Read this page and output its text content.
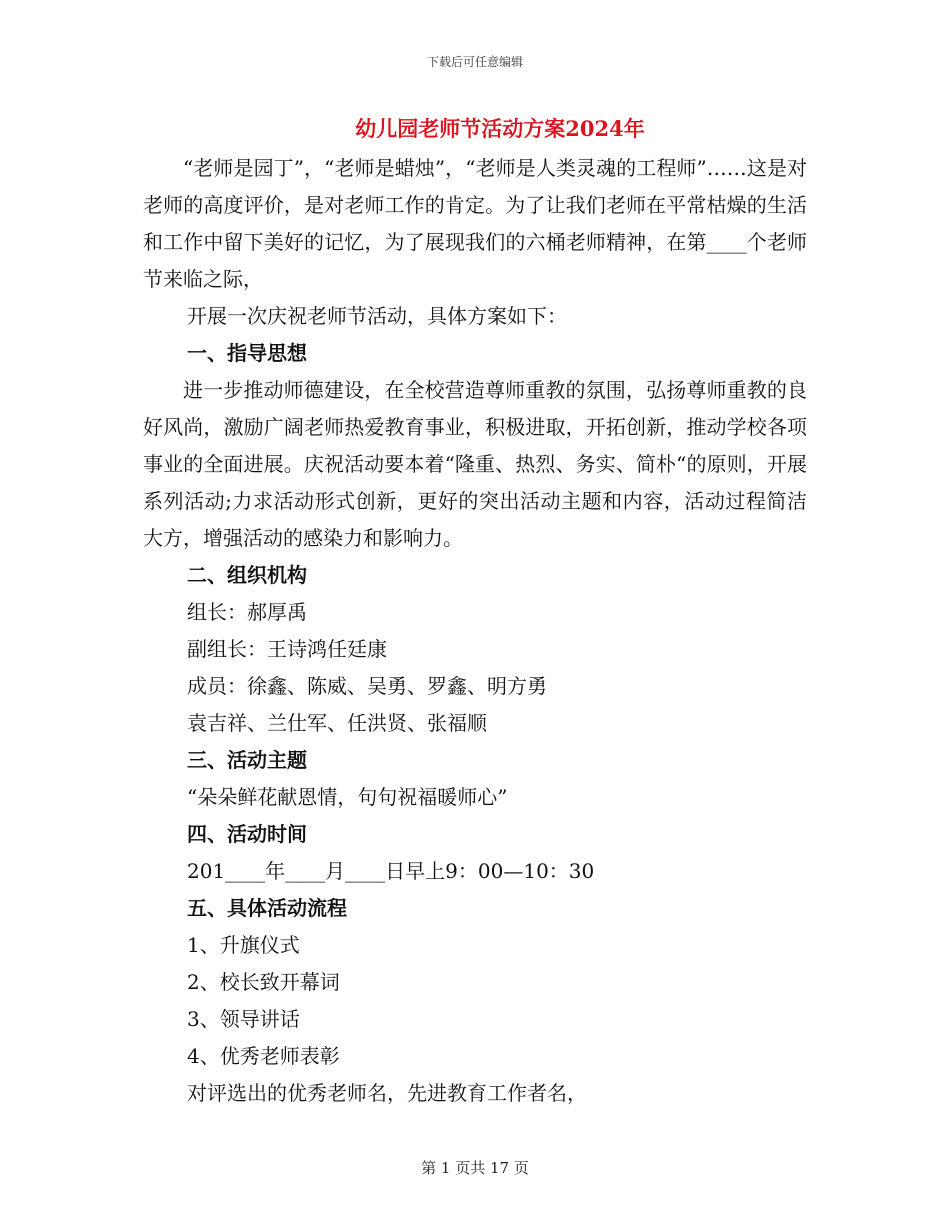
下载后可任意编辑
幼儿园老师节活动方案2024年

“老师是园丁”，“老师是蜡烛”，“老师是人类灵魂的工程师”……这是对老师的高度评价，是对老师工作的肯定。为了让我们老师在平常枯燥的生活和工作中留下美好的记忆，为了展现我们的六桶老师精神，在第____个老师节来临之际，

开展一次庆祝老师节活动，具体方案如下：

一、指导思想

进一步推动师德建设，在全校营造尊师重教的氛围，弘扬尊师重教的良好风尚，激励广阔老师热爱教育事业，积极进取，开拓创新，推动学校各项事业的全面进展。庆祝活动要本着“隆重、热烈、务实、简朴“的原则，开展系列活动;力求活动形式创新，更好的突出活动主题和内容，活动过程简洁大方，增强活动的感染力和影响力。

二、组织机构

组长：郝厚禹

副组长：王诗鸿任廷康

成员：徐鑫、陈威、吴勇、罗鑫、明方勇

袁吉祥、兰仕军、任洪贤、张福顺

三、活动主题

“朵朵鲜花献恩情，句句祝福暖师心”

四、活动时间

201____年____月____日早上9：00—10：30

五、具体活动流程

1、升旗仪式

2、校长致开幕词

3、领导讲话

4、优秀老师表彰

对评选出的优秀老师名，先进教育工作者名，

第 1 页共 17 页
